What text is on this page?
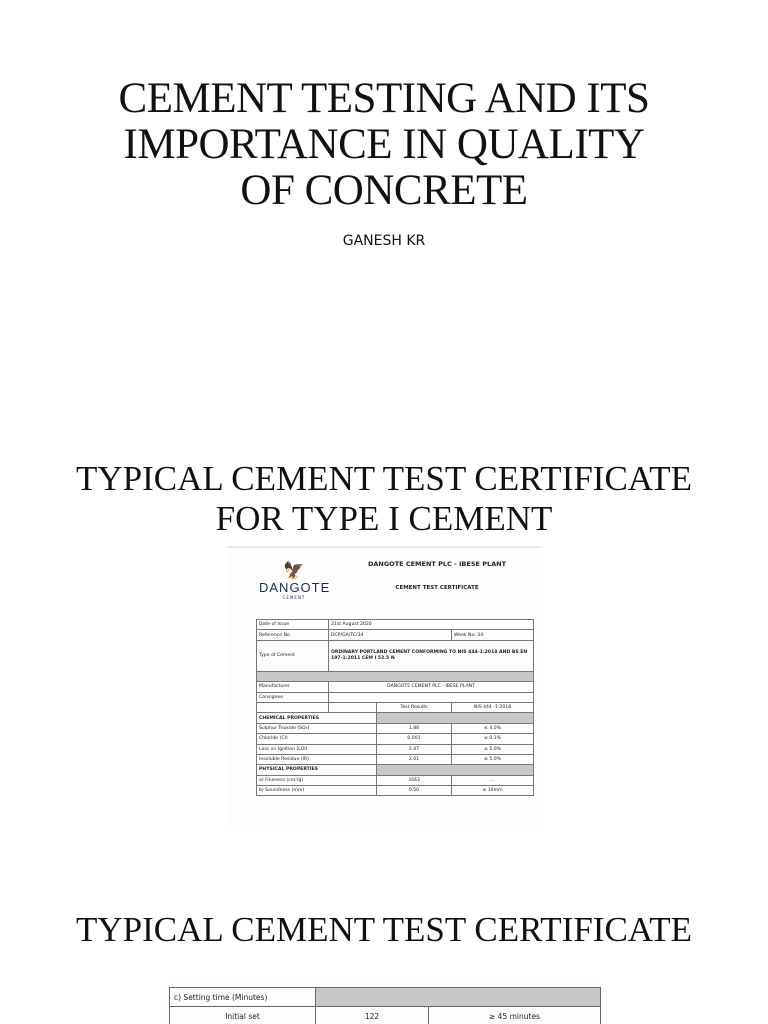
CEMENT TESTING AND ITS
IMPORTANCE IN QUALITY
OF CONCRETE
GANESH KR
TYPICAL CEMENT TEST CERTIFICATE
FOR TYPE I CEMENT
🦅
DANGOTE
CEMENT
DANGOTE CEMENT PLC - IBESE PLANT
CEMENT TEST CERTIFICATE
Date of Issue	21st August 2020		
Reference No	DCP/GA/TC/34		Week No: 34
Type of Cement	ORDINARY PORTLAND CEMENT CONFORMING TO NIS 444-1:2018 AND BS EN 197-1:2011 CEM I 52.5 N		

Manufacturer	DANGOTE CEMENT PLC - IBESE PLANT		
Consignee			
		Test Results	NIS 444 -1:2018
CHEMICAL PROPERTIES			
Sulphur Trioxide (SO₃)		1.88	≤ 4.0%
Chloride (Cl)		0.001	≤ 0.1%
Loss on Ignition (LOI)		2.47	≤ 5.0%
Insoluble Residue (IR)		2.01	≤ 5.0%
PHYSICAL PROPERTIES			
a) Fineness (cm²/g)		3443	...
b) Soundness (mm)		0.50	≤ 10mm
TYPICAL CEMENT TEST CERTIFICATE
c) Setting time (Minutes)		
Initial set	122	≥ 45 minutes
